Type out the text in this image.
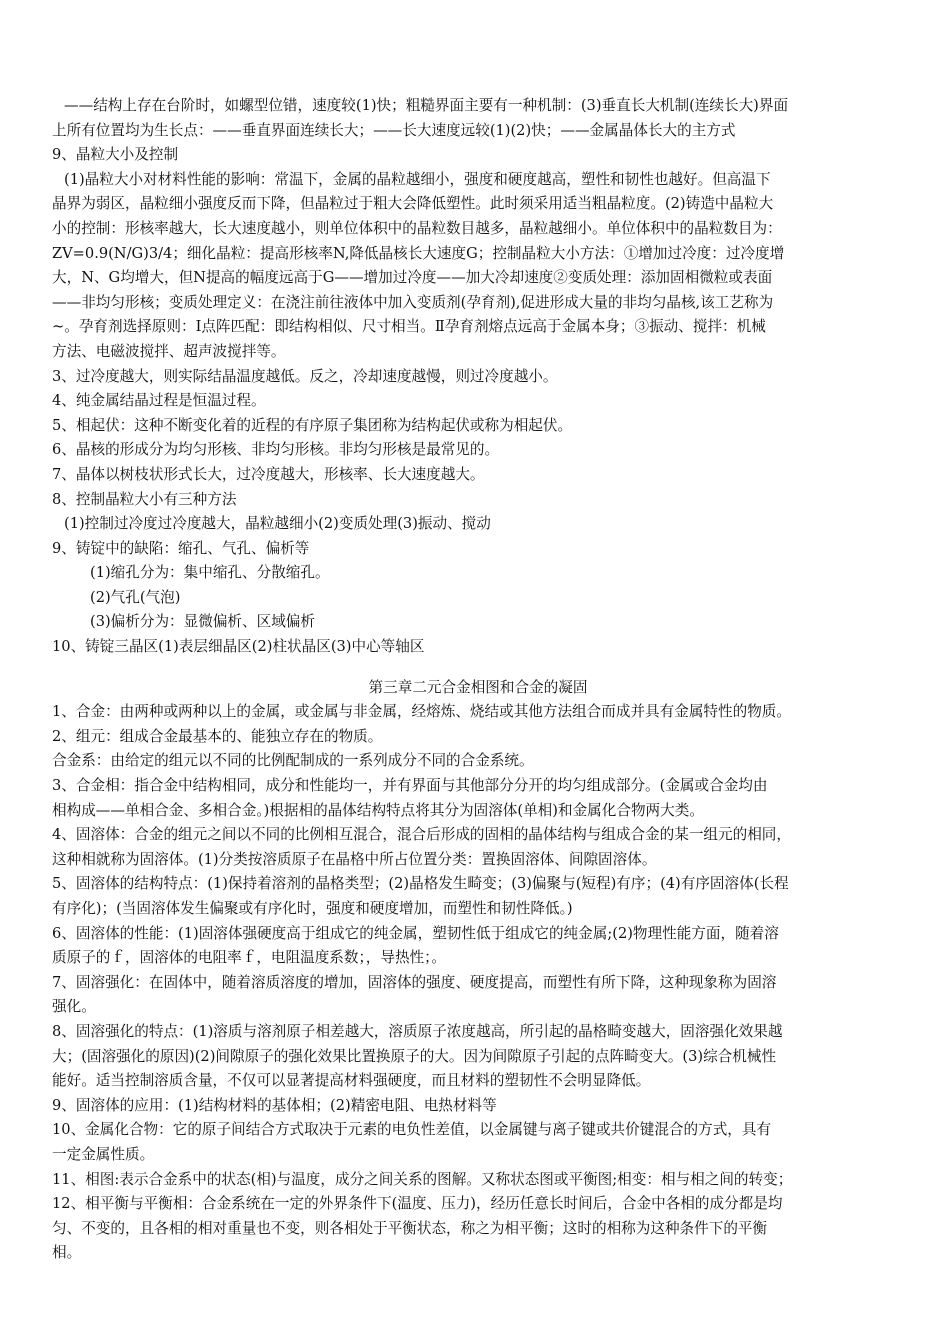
——结构上存在台阶时，如螺型位错，速度较(1)快；粗糙界面主要有一种机制：(3)垂直长大机制(连续长大)界面
上所有位置均为生长点：——垂直界面连续长大；——长大速度远较(1)(2)快；——金属晶体长大的主方式
9、晶粒大小及控制
(1)晶粒大小对材料性能的影响：常温下，金属的晶粒越细小，强度和硬度越高，塑性和韧性也越好。但高温下
晶界为弱区，晶粒细小强度反而下降，但晶粒过于粗大会降低塑性。此时须采用适当粗晶粒度。(2)铸造中晶粒大
小的控制：形核率越大，长大速度越小，则单位体积中的晶粒数目越多，晶粒越细小。单位体积中的晶粒数目为：
ZV=0.9(N/G)3/4；细化晶粒：提高形核率N,降低晶核长大速度G；控制晶粒大小方法：①增加过冷度：过冷度增
大，N、G均增大，但N提高的幅度远高于G——增加过冷度——加大冷却速度②变质处理：添加固相微粒或表面
——非均匀形核；变质处理定义：在浇注前往液体中加入变质剂(孕育剂),促进形成大量的非均匀晶核,该工艺称为
~。孕育剂选择原则：Ⅰ点阵匹配：即结构相似、尺寸相当。Ⅱ孕育剂熔点远高于金属本身；③振动、搅拌：机械
方法、电磁波搅拌、超声波搅拌等。
3、过冷度越大，则实际结晶温度越低。反之，冷却速度越慢，则过冷度越小。
4、纯金属结晶过程是恒温过程。
5、相起伏：这种不断变化着的近程的有序原子集团称为结构起伏或称为相起伏。
6、晶核的形成分为均匀形核、非均匀形核。非均匀形核是最常见的。
7、晶体以树枝状形式长大，过冷度越大，形核率、长大速度越大。
8、控制晶粒大小有三种方法
(1)控制过冷度过冷度越大，晶粒越细小(2)变质处理(3)振动、搅动
9、铸锭中的缺陷：缩孔、气孔、偏析等
(1)缩孔分为：集中缩孔、分散缩孔。
(2)气孔(气泡)
(3)偏析分为：显微偏析、区域偏析
10、铸锭三晶区(1)表层细晶区(2)柱状晶区(3)中心等轴区
第三章二元合金相图和合金的凝固
1、合金：由两种或两种以上的金属，或金属与非金属，经熔炼、烧结或其他方法组合而成并具有金属特性的物质。
2、组元：组成合金最基本的、能独立存在的物质。
合金系：由给定的组元以不同的比例配制成的一系列成分不同的合金系统。
3、合金相：指合金中结构相同，成分和性能均一，并有界面与其他部分分开的均匀组成部分。(金属或合金均由
相构成——单相合金、多相合金。)根据相的晶体结构特点将其分为固溶体(单相)和金属化合物两大类。
4、固溶体：合金的组元之间以不同的比例相互混合，混合后形成的固相的晶体结构与组成合金的某一组元的相同，
这种相就称为固溶体。(1)分类按溶质原子在晶格中所占位置分类：置换固溶体、间隙固溶体。
5、固溶体的结构特点：(1)保持着溶剂的晶格类型；(2)晶格发生畸变；(3)偏聚与(短程)有序；(4)有序固溶体(长程
有序化)；(当固溶体发生偏聚或有序化时，强度和硬度增加，而塑性和韧性降低。)
6、固溶体的性能：(1)固溶体强硬度高于组成它的纯金属，塑韧性低于组成它的纯金属;(2)物理性能方面，随着溶
质原子的ｆ，固溶体的电阻率ｆ，电阻温度系数；，导热性；。
7、固溶强化：在固体中，随着溶质溶度的增加，固溶体的强度、硬度提高，而塑性有所下降，这种现象称为固溶
强化。
8、固溶强化的特点：(1)溶质与溶剂原子相差越大，溶质原子浓度越高，所引起的晶格畸变越大，固溶强化效果越
大；(固溶强化的原因)(2)间隙原子的强化效果比置换原子的大。因为间隙原子引起的点阵畸变大。(3)综合机械性
能好。适当控制溶质含量，不仅可以显著提高材料强硬度，而且材料的塑韧性不会明显降低。
9、固溶体的应用：(1)结构材料的基体相；(2)精密电阻、电热材料等
10、金属化合物：它的原子间结合方式取决于元素的电负性差值，以金属键与离子键或共价键混合的方式，具有
一定金属性质。
11、相图:表示合金系中的状态(相)与温度，成分之间关系的图解。又称状态图或平衡图;相变：相与相之间的转变；
12、相平衡与平衡相：合金系统在一定的外界条件下(温度、压力)，经历任意长时间后，合金中各相的成分都是均
匀、不变的，且各相的相对重量也不变，则各相处于平衡状态，称之为相平衡；这时的相称为这种条件下的平衡
相。
